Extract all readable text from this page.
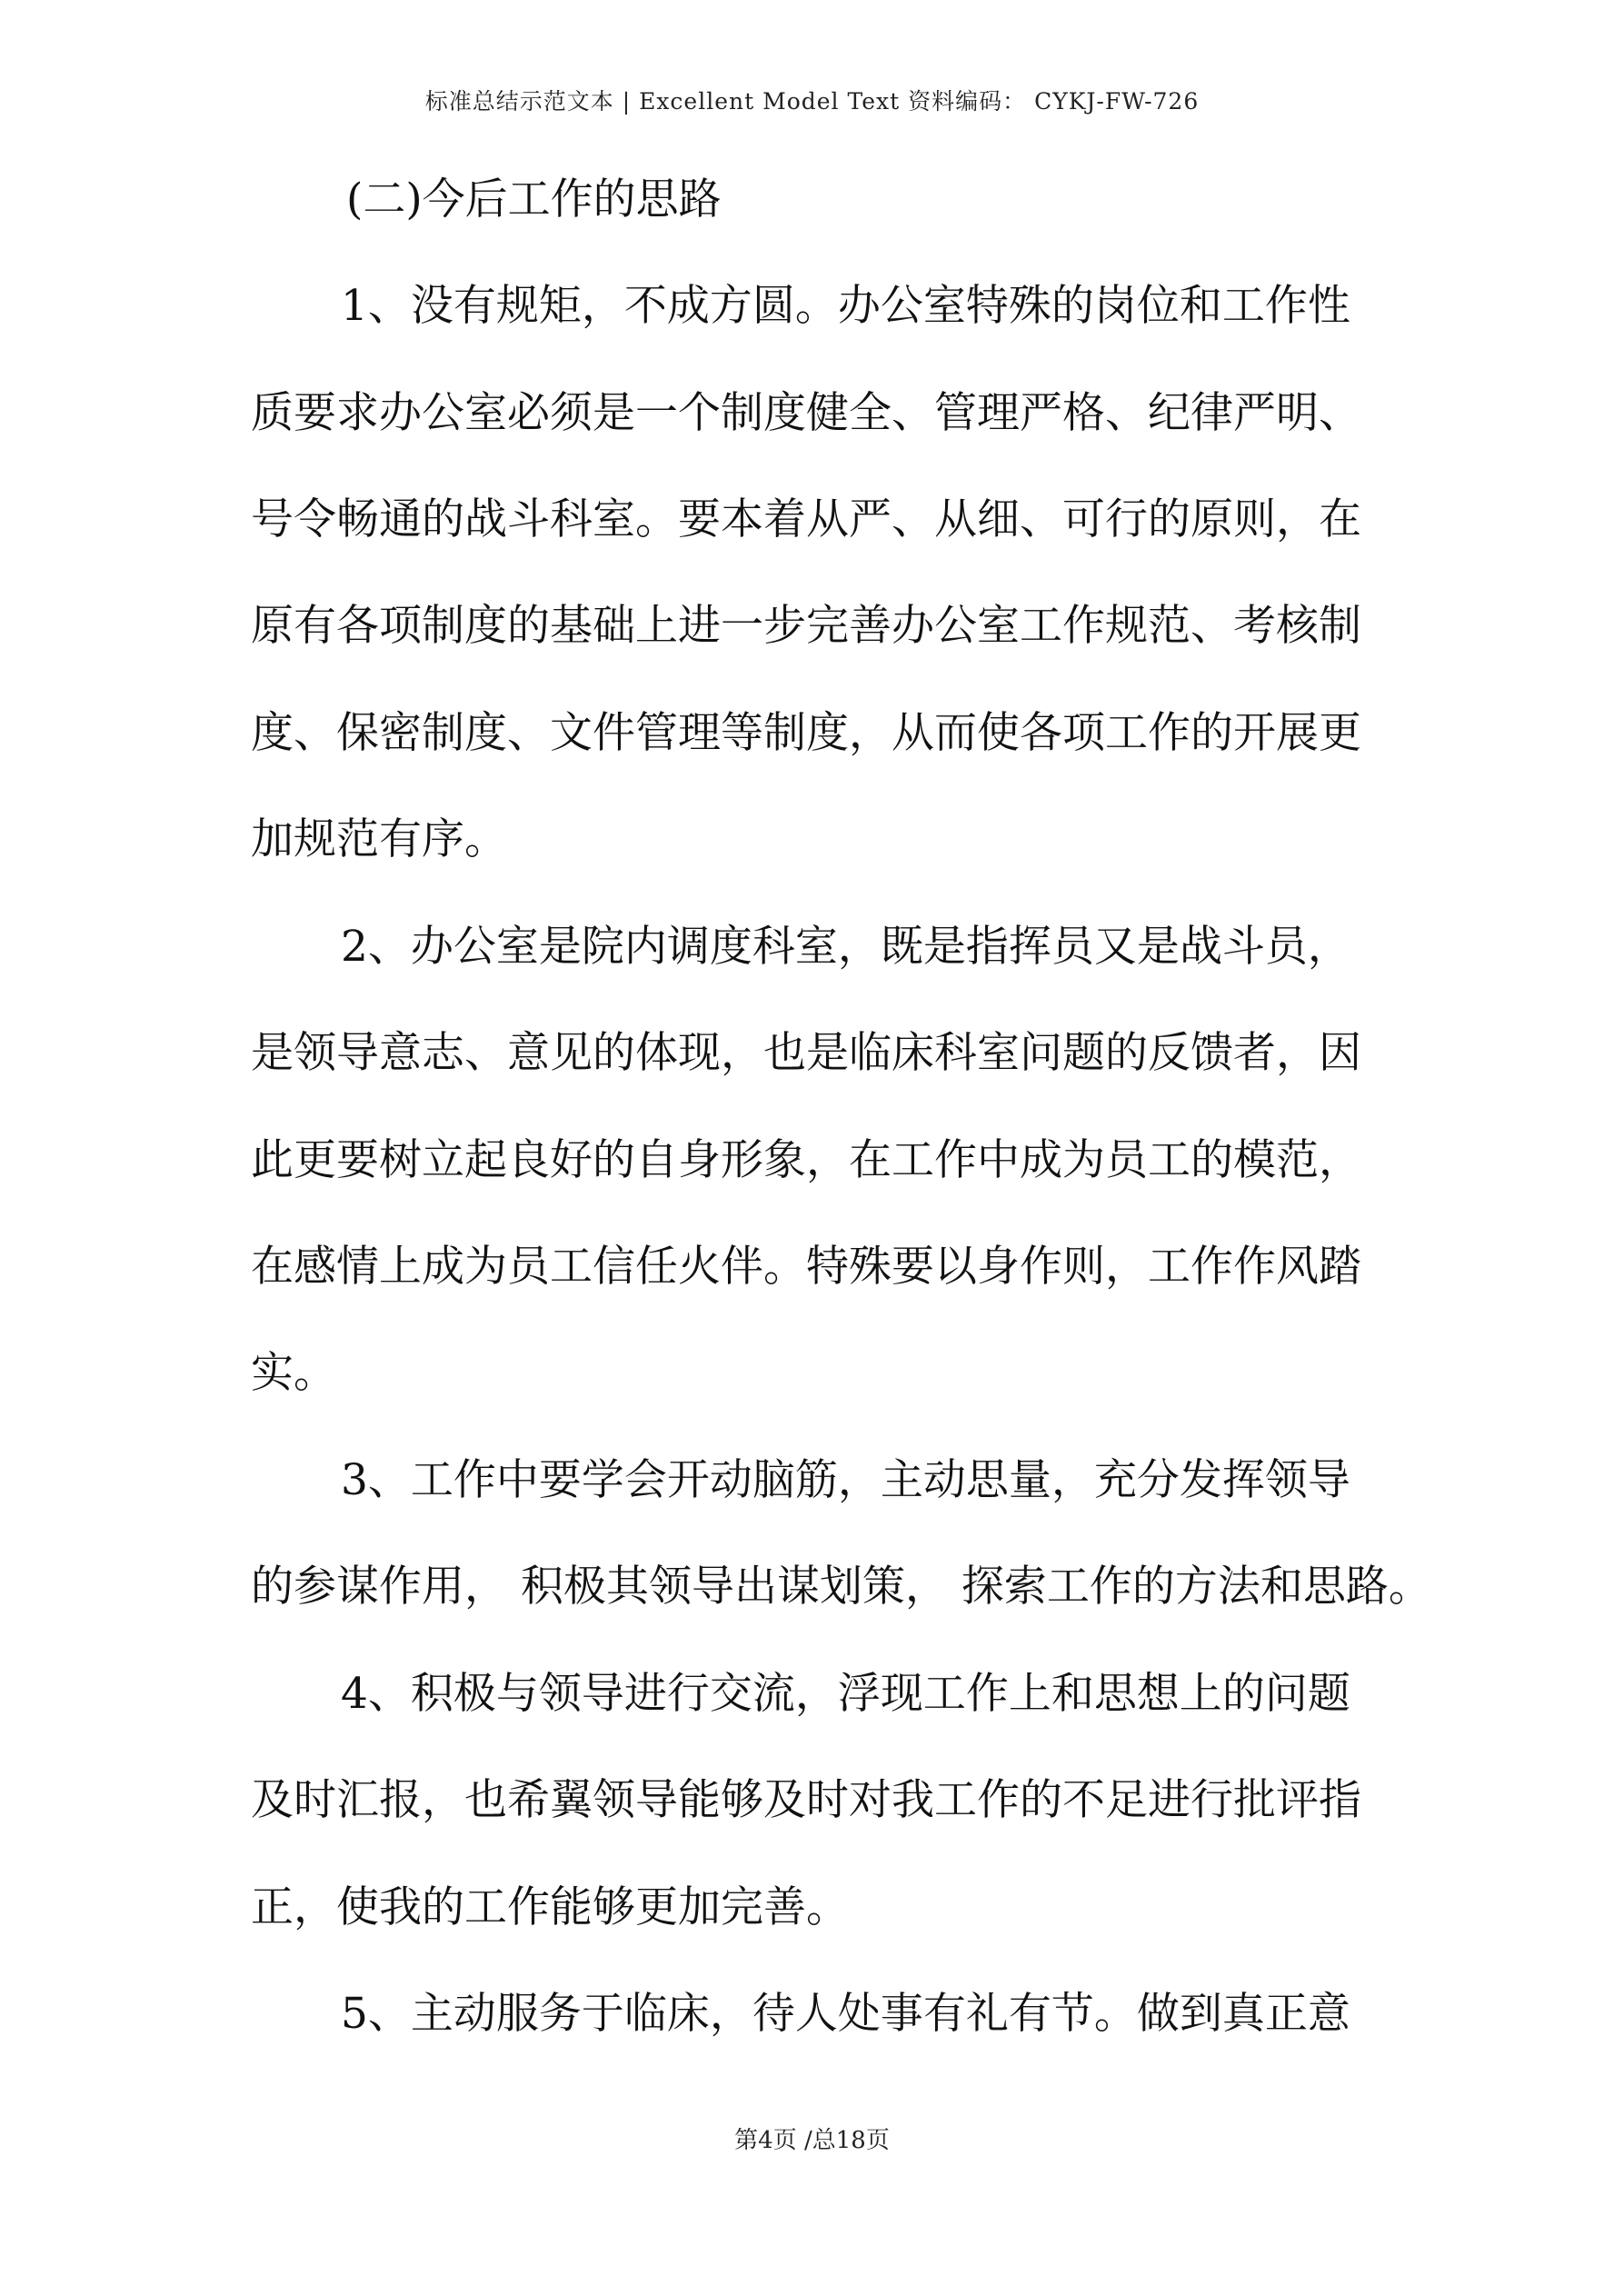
标准总结示范文本 | Excellent Model Text 资料编码： CYKJ-FW-726
(二)今后工作的思路
1、没有规矩，不成方圆。办公室特殊的岗位和工作性
质要求办公室必须是一个制度健全、管理严格、纪律严明、
号令畅通的战斗科室。要本着从严、从细、可行的原则，在
原有各项制度的基础上进一步完善办公室工作规范、考核制
度、保密制度、文件管理等制度，从而使各项工作的开展更
加规范有序。
2、办公室是院内调度科室，既是指挥员又是战斗员，
是领导意志、意见的体现，也是临床科室问题的反馈者，因
此更要树立起良好的自身形象，在工作中成为员工的模范，
在感情上成为员工信任火伴。特殊要以身作则，工作作风踏
实。
3、工作中要学会开动脑筋，主动思量，充分发挥领导
的参谋作用， 积极其领导出谋划策， 探索工作的方法和思路。
4、积极与领导进行交流，浮现工作上和思想上的问题
及时汇报，也希翼领导能够及时对我工作的不足进行批评指
正，使我的工作能够更加完善。
5、主动服务于临床，待人处事有礼有节。做到真正意
第4页 /总18页
